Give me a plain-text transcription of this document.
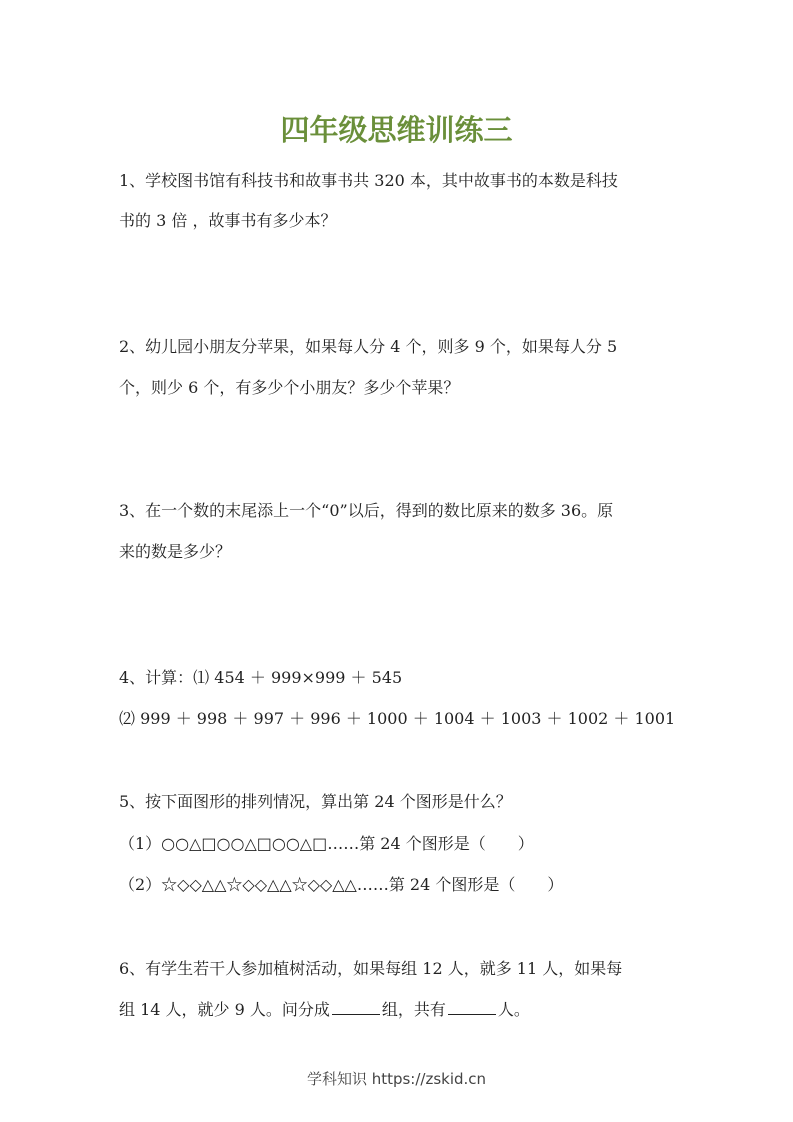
四年级思维训练三

1、学校图书馆有科技书和故事书共 320 本，其中故事书的本数是科技

书的 3 倍 ，故事书有多少本？

2、幼儿园小朋友分苹果，如果每人分 4 个，则多 9 个，如果每人分 5

个，则少 6 个，有多少个小朋友？多少个苹果？

3、在一个数的末尾添上一个“0”以后，得到的数比原来的数多 36。原

来的数是多少？

4、计算：⑴ 454 ＋ 999×999 ＋ 545

⑵ 999 ＋ 998 ＋ 997 ＋ 996 ＋ 1000 ＋ 1004 ＋ 1003 ＋ 1002 ＋ 1001

5、按下面图形的排列情况，算出第 24 个图形是什么？

（1）○○△□○○△□○○△□……第 24 个图形是（　　）

（2）☆◇◇△△☆◇◇△△☆◇◇△△……第 24 个图形是（　　）

6、有学生若干人参加植树活动，如果每组 12 人，就多 11 人，如果每

组 14 人，就少 9 人。问分成	组，共有	人。

学科知识 https://zskid.cn
